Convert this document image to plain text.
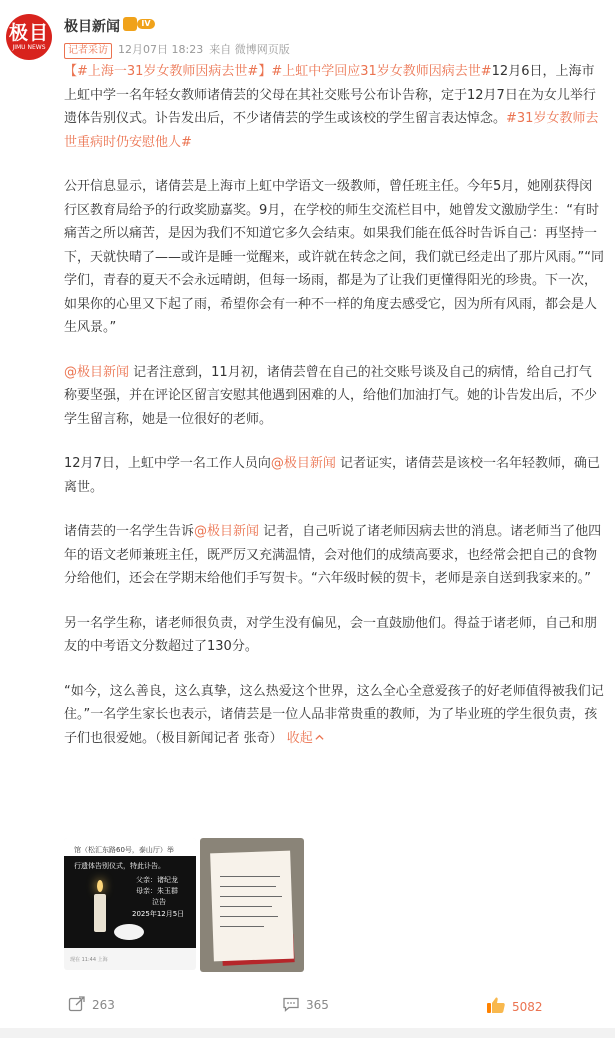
极目
JIMU NEWS
极目新闻	IV
记者采访 12月07日 18:23 来自 微博网页版

【#上海一31岁女教师因病去世#】#上虹中学回应31岁女教师因病去世#12月6日，上海市上虹中学一名年轻女教师诸倩芸的父母在其社交账号公布讣告称，定于12月7日在为女儿举行遗体告别仪式。讣告发出后，不少诸倩芸的学生或该校的学生留言表达悼念。#31岁女教师去世重病时仍安慰他人#

公开信息显示，诸倩芸是上海市上虹中学语文一级教师，曾任班主任。今年5月，她刚获得闵行区教育局给予的行政奖励嘉奖。9月，在学校的师生交流栏目中，她曾发文激励学生：“有时痛苦之所以痛苦，是因为我们不知道它多久会结束。如果我们能在低谷时告诉自己：再坚持一下，天就快晴了——或许是睡一觉醒来，或许就在转念之间，我们就已经走出了那片风雨。”“同学们，青春的夏天不会永远晴朗，但每一场雨，都是为了让我们更懂得阳光的珍贵。下一次，如果你的心里又下起了雨，希望你会有一种不一样的角度去感受它，因为所有风雨，都会是人生风景。”

@极目新闻 记者注意到，11月初，诸倩芸曾在自己的社交账号谈及自己的病情，给自己打气称要坚强，并在评论区留言安慰其他遇到困难的人，给他们加油打气。她的讣告发出后，不少学生留言称，她是一位很好的老师。

12月7日，上虹中学一名工作人员向@极目新闻 记者证实，诸倩芸是该校一名年轻教师，确已离世。

诸倩芸的一名学生告诉@极目新闻 记者，自己听说了诸老师因病去世的消息。诸老师当了他四年的语文老师兼班主任，既严厉又充满温情，会对他们的成绩高要求，也经常会把自己的食物分给他们，还会在学期末给他们手写贺卡。“六年级时候的贺卡，老师是亲自送到我家来的。”

另一名学生称，诸老师很负责，对学生没有偏见，会一直鼓励他们。得益于诸老师，自己和朋友的中考语文分数超过了130分。

“如今，这么善良，这么真挚，这么热爱这个世界，这么全心全意爱孩子的好老师值得被我们记住。”一名学生家长也表示，诸倩芸是一位人品非常贵重的教师，为了毕业班的学生很负责，孩子们也很爱她。（极目新闻记者 张奇） 收起

馆（松汇东路60号，泰山厅）举
行遗体告别仪式，特此讣告。
父亲：诸纪龙
母亲：朱玉群
泣告
2025年12月5日
现在 11:44 上海
263	365	5082
